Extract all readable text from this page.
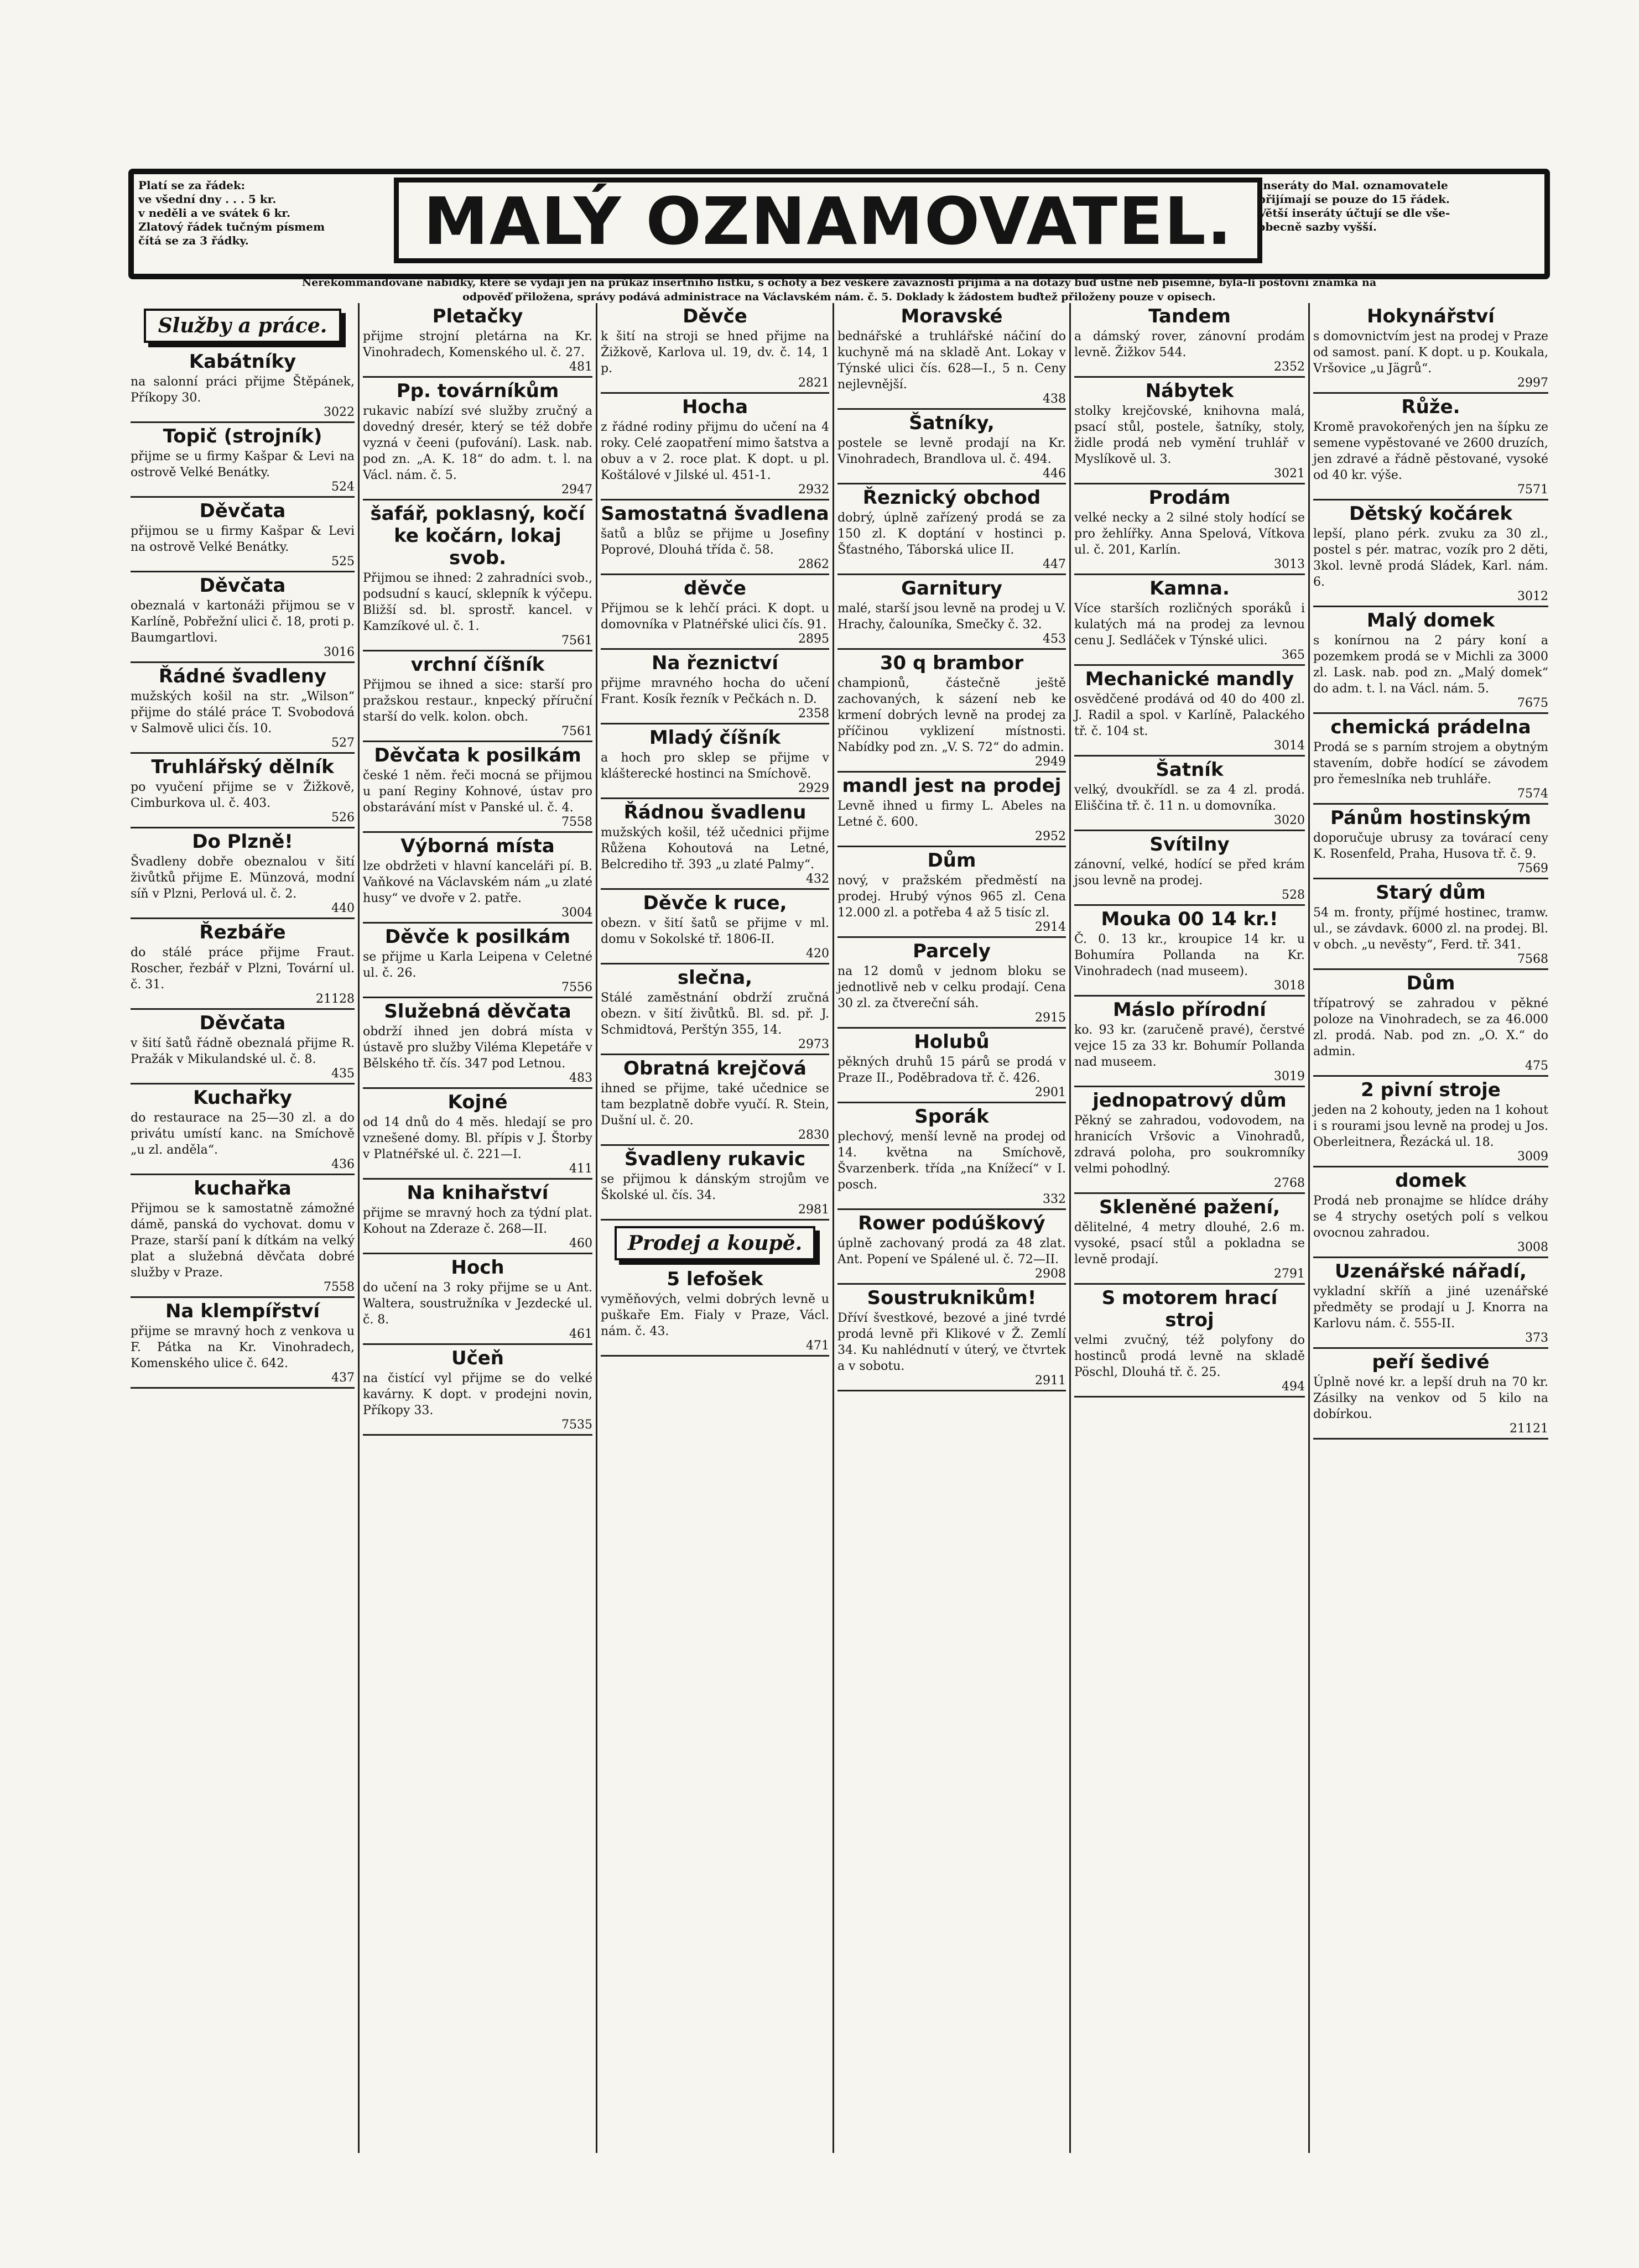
Platí se za řádek:

ve všední dny . . . 5 kr.

v neděli a ve svátek 6 kr.

Zlatový řádek tučným písmem

čítá se za 3 řádky.	MALÝ OZNAMOVATEL.	Inseráty do Mal. oznamovatele

přijímají se pouze do 15 řádek.

Větší inseráty účtují se dle vše-

obecně sazby vyšší.

Nerekommandované nabídky, které se vydají jen na průkaz insertního lístku, s ochoty a bez veškeré závaznosti přijímá a na dotazy buď ústně neb písemně, byla-li poštovní známka na

odpověď přiložena, správy podává administrace na Václavském nám. č. 5. Doklady k žádostem buďtež přiloženy pouze v opisech.

Služby a práce.
Kabátníky
na salonní práci přijme Štěpánek, Příkopy 30.
3022
Topič (strojník)
přijme se u firmy Kašpar & Levi na ostrově Velké Benátky.
524
Děvčata
přijmou se u firmy Kašpar & Levi na ostrově Velké Benátky.
525
Děvčata
obeznalá v kartonáži přijmou se v Karlíně, Pobřežní ulici č. 18, proti p. Baumgartlovi.
3016
Řádné švadleny
mužských košil na str. „Wilson“ přijme do stálé práce T. Svobodová v Salmově ulici čís. 10.
527
Truhlářský dělník
po vyučení přijme se v Žižkově, Cimburkova ul. č. 403.
526
Do Plzně!
Švadleny dobře obeznalou v šití živůtků přijme E. Münzová, modní síň v Plzni, Perlová ul. č. 2.
440
Řezbáře
do stálé práce přijme Fraut. Roscher, řezbář v Plzni, Tovární ul. č. 31.
21128
Děvčata
v šití šatů řádně obeznalá přijme R. Pražák v Mikulandské ul. č. 8.
435
Kuchařky
do restaurace na 25—30 zl. a do privátu umístí kanc. na Smíchově „u zl. anděla“.
436
kuchařka
Přijmou se k samostatně zámožné dámě, panská do vychovat. domu v Praze, starší paní k dítkám na velký plat a služebná děvčata dobré služby v Praze.
7558
Na klempířství
přijme se mravný hoch z venkova u F. Pátka na Kr. Vinohradech, Komenského ulice č. 642.
437
Pletačky
přijme strojní pletárna na Kr. Vinohradech, Komenského ul. č. 27.
481
Pp. továrníkům
rukavic nabízí své služby zručný a dovedný dresér, který se též dobře vyzná v čeeni (pufování). Lask. nab. pod zn. „A. K. 18“ do adm. t. l. na Václ. nám. č. 5.
2947
šafář, poklasný, kočí ke kočárn, lokaj svob.
Přijmou se ihned: 2 zahradníci svob., podsudní s kaucí, sklepník k výčepu. Bližší sd. bl. sprostř. kancel. v Kamzíkové ul. č. 1.
7561
vrchní číšník
Přijmou se ihned a sice: starší pro pražskou restaur., knpecký příruční starší do velk. kolon. obch.
7561
Děvčata k posilkám
české 1 něm. řeči mocná se přijmou u paní Reginy Kohnové, ústav pro obstarávání míst v Panské ul. č. 4.
7558
Výborná místa
lze obdržeti v hlavní kanceláři pí. B. Vaňkové na Václavském nám „u zlaté husy“ ve dvoře v 2. patře.
3004
Děvče k posilkám
se přijme u Karla Leipena v Celetné ul. č. 26.
7556
Služebná děvčata
obdrží ihned jen dobrá místa v ústavě pro služby Viléma Klepetáře v Bělského tř. čís. 347 pod Letnou.
483
Kojné
od 14 dnů do 4 měs. hledají se pro vznešené domy. Bl. přípis v J. Štorby v Platnéřské ul. č. 221—I.
411
Na knihařství
přijme se mravný hoch za týdní plat. Kohout na Zderaze č. 268—II.
460
Hoch
do učení na 3 roky přijme se u Ant. Waltera, soustružníka v Jezdecké ul. č. 8.
461
Učeň
na čistící vyl přijme se do velké kavárny. K dopt. v prodejni novin, Příkopy 33.
7535
Děvče
k šití na stroji se hned přijme na Žižkově, Karlova ul. 19, dv. č. 14, 1 p.
2821
Hocha
z řádné rodiny přijmu do učení na 4 roky. Celé zaopatření mimo šatstva a obuv a v 2. roce plat. K dopt. u pl. Koštálové v Jilské ul. 451-1.
2932
Samostatná švadlena
šatů a blůz se přijme u Josefiny Poprové, Dlouhá třída č. 58.
2862
děvče
Přijmou se k lehčí práci. K dopt. u domovníka v Platnéřské ulici čís. 91.
2895
Na řeznictví
přijme mravného hocha do učení Frant. Kosík řezník v Pečkách n. D.
2358
Mladý číšník
a hoch pro sklep se přijme v klášterecké hostinci na Smíchově.
2929
Řádnou švadlenu
mužských košil, též učednici přijme Růžena Kohoutová na Letné, Belcrediho tř. 393 „u zlaté Palmy“.
432
Děvče k ruce,
obezn. v šití šatů se přijme v ml. domu v Sokolské tř. 1806-II.
420
slečna,
Stálé zaměstnání obdrží zručná obezn. v šití živůtků. Bl. sd. př. J. Schmidtová, Perštýn 355, 14.
2973
Obratná krejčová
ihned se přijme, také učednice se tam bezplatně dobře vyučí. R. Stein, Dušní ul. č. 20.
2830
Švadleny rukavic
se přijmou k dánským strojům ve Školské ul. čís. 34.
2981
Prodej a koupě.
5 lefošek
vyměňových, velmi dobrých levně u puškaře Em. Fialy v Praze, Václ. nám. č. 43.
471
Moravské
bednářské a truhlářské náčiní do kuchyně má na skladě Ant. Lokay v Týnské ulici čís. 628—I., 5 n. Ceny nejlevnější.
438
Šatníky,
postele se levně prodají na Kr. Vinohradech, Brandlova ul. č. 494.
446
Řeznický obchod
dobrý, úplně zařízený prodá se za 150 zl. K doptání v hostinci p. Šťastného, Táborská ulice II.
447
Garnitury
malé, starší jsou levně na prodej u V. Hrachy, čalouníka, Smečky č. 32.
453
30 q brambor
championů, částečně ještě zachovaných, k sázení neb ke krmení dobrých levně na prodej za příčinou vyklizení místnosti. Nabídky pod zn. „V. S. 72“ do admin.
2949
mandl jest na prodej
Levně ihned u firmy L. Abeles na Letné č. 600.
2952
Dům
nový, v pražském předměstí na prodej. Hrubý výnos 965 zl. Cena 12.000 zl. a potřeba 4 až 5 tisíc zl.
2914
Parcely
na 12 domů v jednom bloku se jednotlivě neb v celku prodají. Cena 30 zl. za čtvereční sáh.
2915
Holubů
pěkných druhů 15 párů se prodá v Praze II., Poděbradova tř. č. 426.
2901
Sporák
plechový, menší levně na prodej od 14. května na Smíchově, Švarzenberk. třída „na Knížecí“ v I. posch.
332
Rower podúškový
úplně zachovaný prodá za 48 zlat. Ant. Popení ve Spálené ul. č. 72—II.
2908
Soustruknikům!
Dříví švestkové, bezové a jiné tvrdé prodá levně při Klikové v Ž. Zemlí 34. Ku nahlédnutí v úterý, ve čtvrtek a v sobotu.
2911
Tandem
a dámský rover, zánovní prodám levně. Žižkov 544.
2352
Nábytek
stolky krejčovské, knihovna malá, psací stůl, postele, šatníky, stoly, židle prodá neb vymění truhlář v Myslíkově ul. 3.
3021
Prodám
velké necky a 2 silné stoly hodící se pro žehlířky. Anna Spelová, Vítkova ul. č. 201, Karlín.
3013
Kamna.
Více starších rozličných sporáků i kulatých má na prodej za levnou cenu J. Sedláček v Týnské ulici.
365
Mechanické mandly
osvědčené prodává od 40 do 400 zl. J. Radil a spol. v Karlíně, Palackého tř. č. 104 st.
3014
Šatník
velký, dvoukřídl. se za 4 zl. prodá. Eliščina tř. č. 11 n. u domovníka.
3020
Svítilny
zánovní, velké, hodící se před krám jsou levně na prodej.
528
Mouka 00 14 kr.!
Č. 0. 13 kr., kroupice 14 kr. u Bohumíra Pollanda na Kr. Vinohradech (nad museem).
3018
Máslo přírodní
ko. 93 kr. (zaručeně pravé), čerstvé vejce 15 za 33 kr. Bohumír Pollanda nad museem.
3019
jednopatrový dům
Pěkný se zahradou, vodovodem, na hranicích Vršovic a Vinohradů, zdravá poloha, pro soukromníky velmi pohodlný.
2768
Skleněné pažení,
dělitelné, 4 metry dlouhé, 2.6 m. vysoké, psací stůl a pokladna se levně prodají.
2791
S motorem hrací stroj
velmi zvučný, též polyfony do hostinců prodá levně na skladě Pöschl, Dlouhá tř. č. 25.
494
Hokynářství
s domovnictvím jest na prodej v Praze od samost. paní. K dopt. u p. Koukala, Vršovice „u Jägrů“.
2997
Růže.
Kromě pravokořených jen na šípku ze semene vypěstované ve 2600 druzích, jen zdravé a řádně pěstované, vysoké od 40 kr. výše.
7571
Dětský kočárek
lepší, plano pérk. zvuku za 30 zl., postel s pér. matrac, vozík pro 2 děti, 3kol. levně prodá Sládek, Karl. nám. 6.
3012
Malý domek
s konírnou na 2 páry koní a pozemkem prodá se v Michli za 3000 zl. Lask. nab. pod zn. „Malý domek“ do adm. t. l. na Václ. nám. 5.
7675
chemická prádelna
Prodá se s parním strojem a obytným stavením, dobře hodící se závodem pro řemeslníka neb truhláře.
7574
Pánům hostinským
doporučuje ubrusy za továrací ceny K. Rosenfeld, Praha, Husova tř. č. 9.
7569
Starý dům
54 m. fronty, příjmé hostinec, tramw. ul., se závdavk. 6000 zl. na prodej. Bl. v obch. „u nevěsty“, Ferd. tř. 341.
7568
Dům
třípatrový se zahradou v pěkné poloze na Vinohradech, se za 46.000 zl. prodá. Nab. pod zn. „O. X.“ do admin.
475
2 pivní stroje
jeden na 2 kohouty, jeden na 1 kohout i s rourami jsou levně na prodej u Jos. Oberleitnera, Řezácká ul. 18.
3009
domek
Prodá neb pronajme se hlídce dráhy se 4 strychy osetých polí s velkou ovocnou zahradou.
3008
Uzenářské nářadí,
vykladní skříň a jiné uzenářské předměty se prodají u J. Knorra na Karlovu nám. č. 555-II.
373
peří šedivé
Úplně nové kr. a lepší druh na 70 kr. Zásilky na venkov od 5 kilo na dobírkou.
21121
